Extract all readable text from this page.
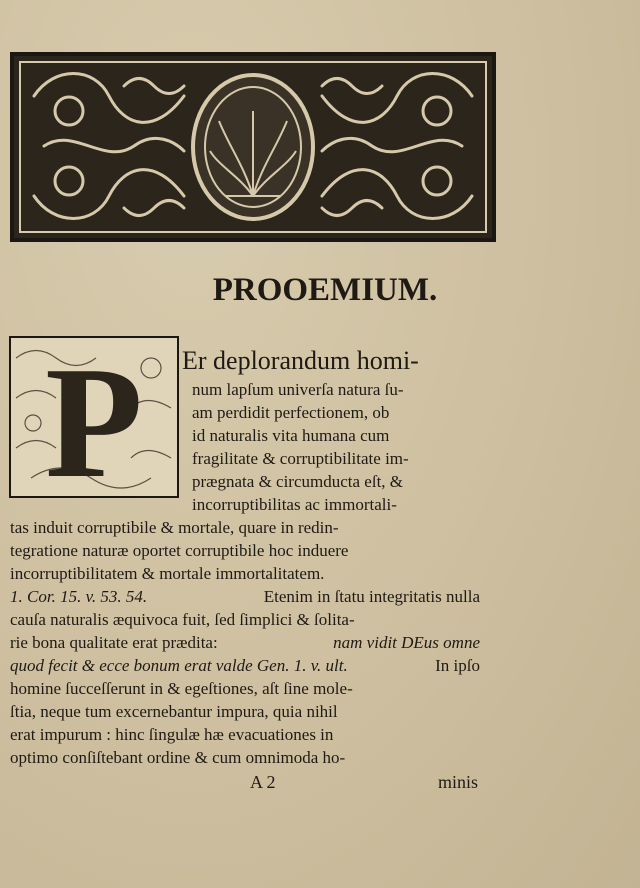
PROOEMIUM.
P Er deplorandum homi-
num lapſum univerſa natura ſu-
am perdidit perfectionem, ob
id naturalis vita humana cum
fragilitate & corruptibilitate im-
prægnata & circumducta eſt, &
incorruptibilitas ac immortali-
tas induit corruptibile & mortale, quare in redin-
tegratione naturæ oportet corruptibile hoc induere
incorruptibilitatem & mortale immortalitatem.
1. Cor. 15. v. 53. 54.	Etenim in ſtatu integritatis nulla
cauſa naturalis æquivoca fuit, ſed ſimplici & ſolita-
rie bona qualitate erat prædita:	nam vidit DEus omne
quod fecit & ecce bonum erat valde Gen. 1. v. ult.	In ipſo
homine ſucceſſerunt in & egeſtiones, aſt ſine mole-
ſtia, neque tum excernebantur impura, quia nihil
erat impurum : hinc ſingulæ hæ evacuationes in
optimo conſiſtebant ordine & cum omnimoda ho-
A 2	minis
